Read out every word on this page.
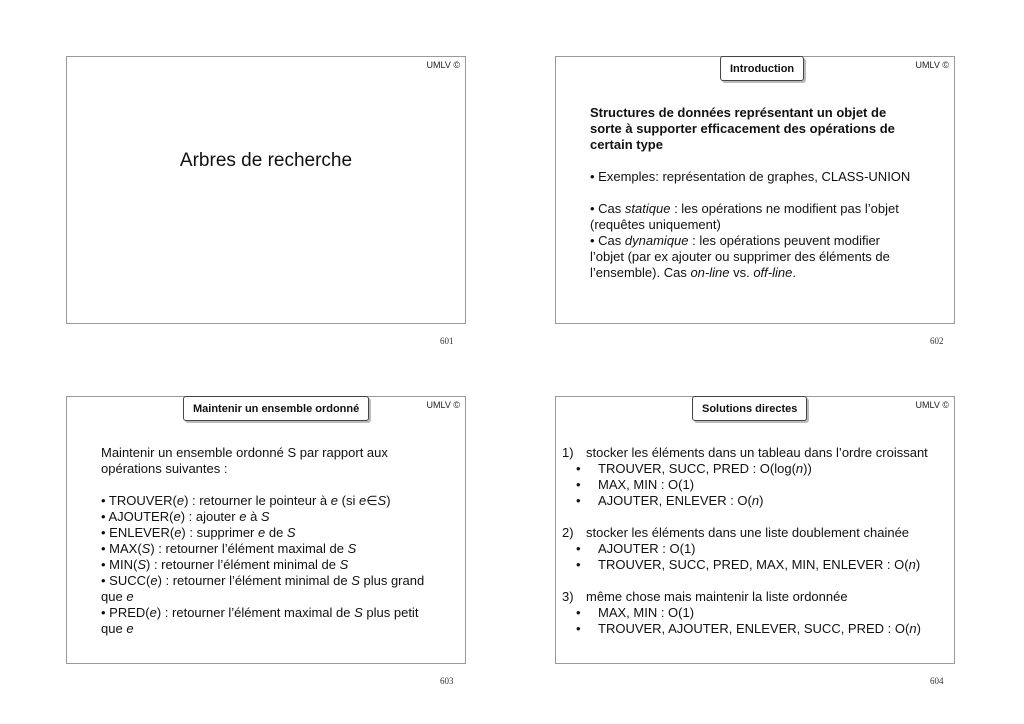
UMLV ©
Arbres de recherche
601
UMLV ©
Introduction

Structures de données représentant un objet de

sorte à supporter efficacement des opérations de

certain type

• Exemples: représentation de graphes, CLASS-UNION

• Cas statique : les opérations ne modifient pas l’objet

(requêtes uniquement)

• Cas dynamique : les opérations peuvent modifier

l’objet (par ex ajouter ou supprimer des éléments de

l’ensemble). Cas on-line vs. off-line.

602
UMLV ©
Maintenir un ensemble ordonné

Maintenir un ensemble ordonné S par rapport aux

opérations suivantes :

• TROUVER(e) : retourner le pointeur à e (si e∈S)

• AJOUTER(e) : ajouter e à S

• ENLEVER(e) : supprimer e de S

• MAX(S) : retourner l’élément maximal de S

• MIN(S) : retourner l’élément minimal de S

• SUCC(e) : retourner l’élément minimal de S plus grand

que e

• PRED(e) : retourner l’élément maximal de S plus petit

que e

603
UMLV ©
Solutions directes
1) stocker les éléments dans un tableau dans l’ordre croissant
•	TROUVER, SUCC, PRED : O(log(n))
•	MAX, MIN : O(1)
•	AJOUTER, ENLEVER : O(n)
2) stocker les éléments dans une liste doublement chainée
•	AJOUTER : O(1)
•	TROUVER, SUCC, PRED, MAX, MIN, ENLEVER : O(n)
3) même chose mais maintenir la liste ordonnée
•	MAX, MIN : O(1)
•	TROUVER, AJOUTER, ENLEVER, SUCC, PRED : O(n)
604
